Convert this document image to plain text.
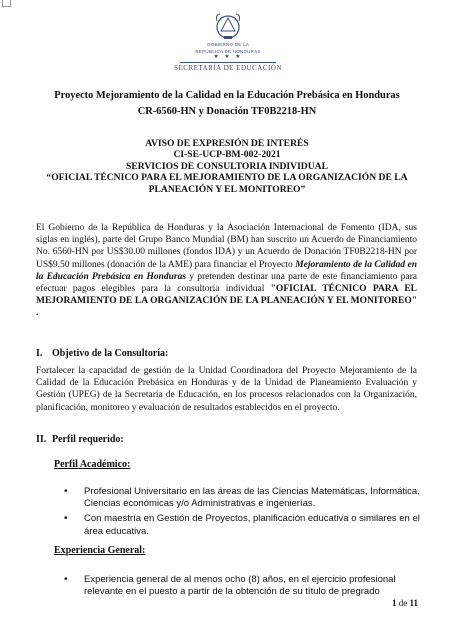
GOBIERNO DE LA
REPÚBLICA DE HONDURAS
★ ★ ★
SECRETARÍA DE EDUCACIÓN
Proyecto Mejoramiento de la Calidad en la Educación Prebásica en Honduras
CR-6560-HN y Donación TF0B2218-HN
AVISO DE EXPRESIÓN DE INTERÉS
CI-SE-UCP-BM-002-2021
SERVICIOS DE CONSULTORIA INDIVIDUAL
“OFICIAL TÉCNICO PARA EL MEJORAMIENTO DE LA ORGANIZACIÓN DE LA PLANEACIÓN Y EL MONITOREO”
El Gobierno de la República de Honduras y la Asociación Internacional de Fomento (IDA, sus siglas en inglés), parte del Grupo Banco Mundial (BM) han suscrito un Acuerdo de Financiamiento No. 6560-HN por US$30.00 millones (fondos IDA) y un Acuerdo de Donación TF0B2218-HN por US$9.50 millones (donación de la AME) para financiar el Proyecto Mejoramiento de la Calidad en la Educación Prebásica en Honduras y pretenden destinar una parte de este financiamiento para efectuar pagos elegibles para la consultoría individual "OFICIAL TÉCNICO PARA EL MEJORAMIENTO DE LA ORGANIZACIÓN DE LA PLANEACIÓN Y EL MONITOREO" .
I. Objetivo de la Consultoría:
Fortalecer la capacidad de gestión de la Unidad Coordinadora del Proyecto Mejoramiento de la Calidad de la Educación Prebásica en Honduras y de la Unidad de Planeamiento Evaluación y Gestión (UPEG) de la Secretaría de Educación, en los procesos relacionados con la Organización, planificación, monitoreo y evaluación de resultados establecidos en el proyecto.
II. Perfil requerido:
Perfil Académico:
• Profesional Universitario en las áreas de las Ciencias Matemáticas, Informática, Ciencias económicas y/o Administrativas e ingenierías.
• Con maestría en Gestión de Proyectos, planificación educativa o similares en el área educativa.
Experiencia General:
• Experiencia general de al menos ocho (8) años, en el ejercicio profesional relevante en el puesto a partir de la obtención de su título de pregrado
1 de 11
